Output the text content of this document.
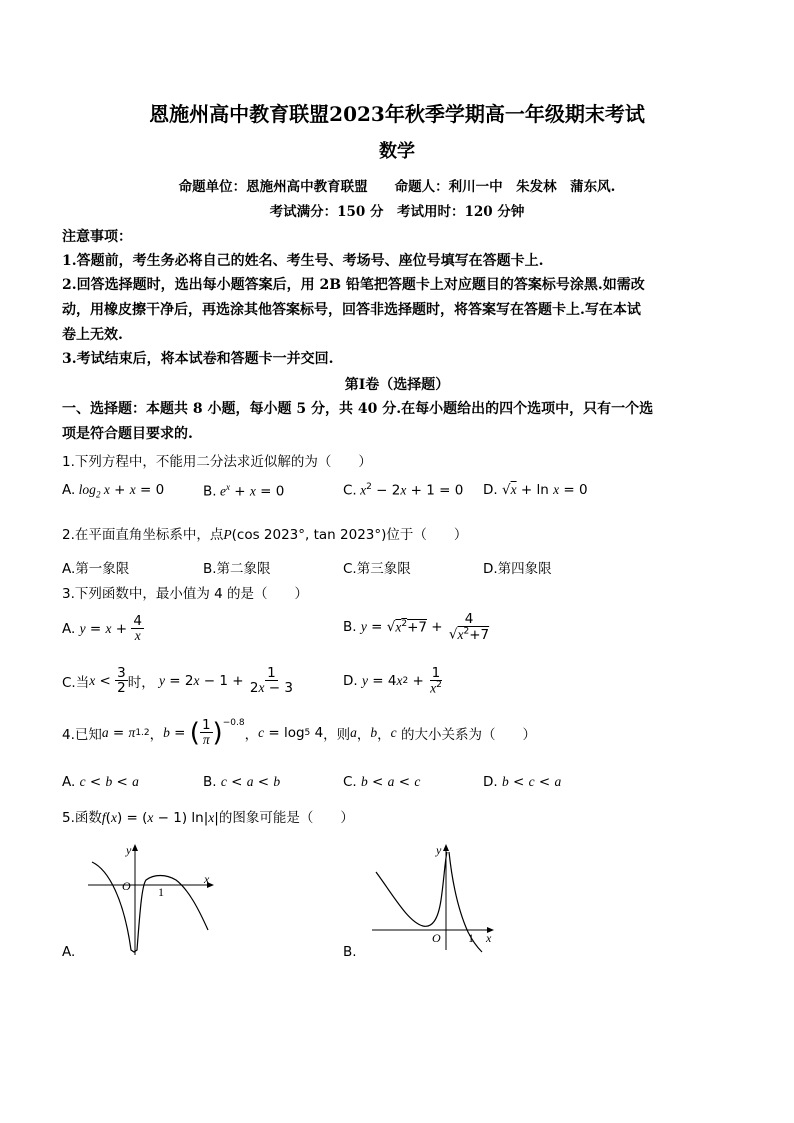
恩施州高中教育联盟2023年秋季学期高一年级期末考试
数学
命题单位：恩施州高中教育联盟　　命题人：利川一中　朱发林　蒲东风.
考试满分：150 分　考试用时：120 分钟
注意事项：
1.答题前，考生务必将自己的姓名、考生号、考场号、座位号填写在答题卡上.
2.回答选择题时，选出每小题答案后，用 2B 铅笔把答题卡上对应题目的答案标号涂黑.如需改
动，用橡皮擦干净后，再选涂其他答案标号，回答非选择题时，将答案写在答题卡上.写在本试
卷上无效.
3.考试结束后，将本试卷和答题卡一并交回.
第Ⅰ卷（选择题）
一、选择题：本题共 8 小题，每小题 5 分，共 40 分.在每小题给出的四个选项中，只有一个选
项是符合题目要求的.
1.下列方程中，不能用二分法求近似解的为（　　）
A. $\log_2 x + x = 0$	B. $e^x + x = 0$	C. $x^2 - 2x + 1 = 0$ D. √x + ln x = 0
2.在平面直角坐标系中，点P(cos 2023°, tan 2023°)位于（　　）
A.第一象限	B.第二象限	C.第三象限	D.第四象限
3.下列函数中，最小值为 4 的是（　　）
A.
$y = x + \frac{4}{x}$	B.
y = √ $x^2+7 + \frac{4}{√x^2+7}$
C.当 $x < \frac{3}{2}$ 时，
y = 2 $x - 1 + \frac{1}{2x - 3}$	D.
y = 4 x $2 + \frac{1}{x^2}$
4.已知 a = π 1.2 ， b = ( $\frac{1}{\pi} )^{-0.8}$
， c = log 5 4 ，则 a ， b ， c
的大小关系为（　　）
A. c < b < a	B. c < a < b	C. b < a < c	D. b < c < a
5.函数f(x) = (x − 1) ln|x|的图象可能是（　　）
O 1
x
y
A.
O 1 x
y
B.
